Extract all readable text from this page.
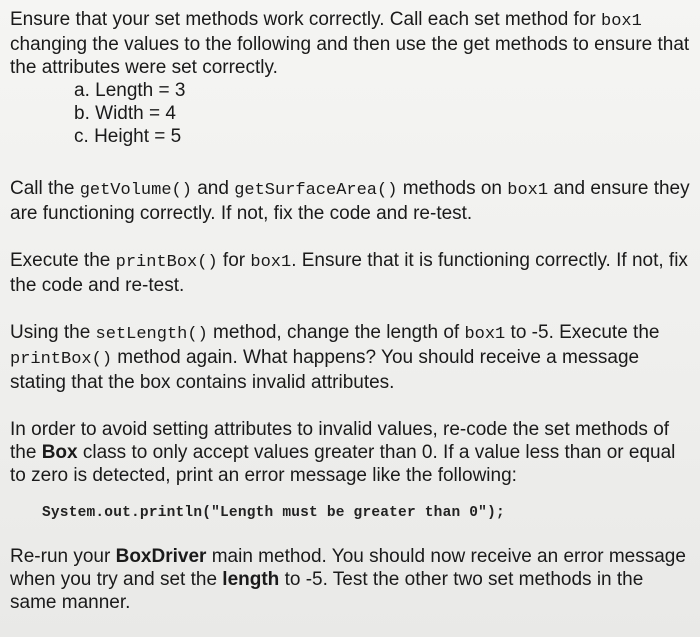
Ensure that your set methods work correctly. Call each set method for box1
changing the values to the following and then use the get methods to ensure that the attributes were set correctly.

a. Length = 3
b. Width = 4
c. Height = 5

Call the getVolume() and getSurfaceArea() methods on box1 and ensure they are functioning correctly. If not, fix the code and re-test.

Execute the printBox() for box1. Ensure that it is functioning correctly. If not, fix the code and re-test.

Using the setLength() method, change the length of box1 to -5. Execute the printBox() method again. What happens? You should receive a message stating that the box contains invalid attributes.

In order to avoid setting attributes to invalid values, re-code the set methods of the Box class to only accept values greater than 0. If a value less than or equal to zero is detected, print an error message like the following:

System.out.println("Length must be greater than 0");

Re-run your BoxDriver main method. You should now receive an error message when you try and set the length to -5. Test the other two set methods in the same manner.
